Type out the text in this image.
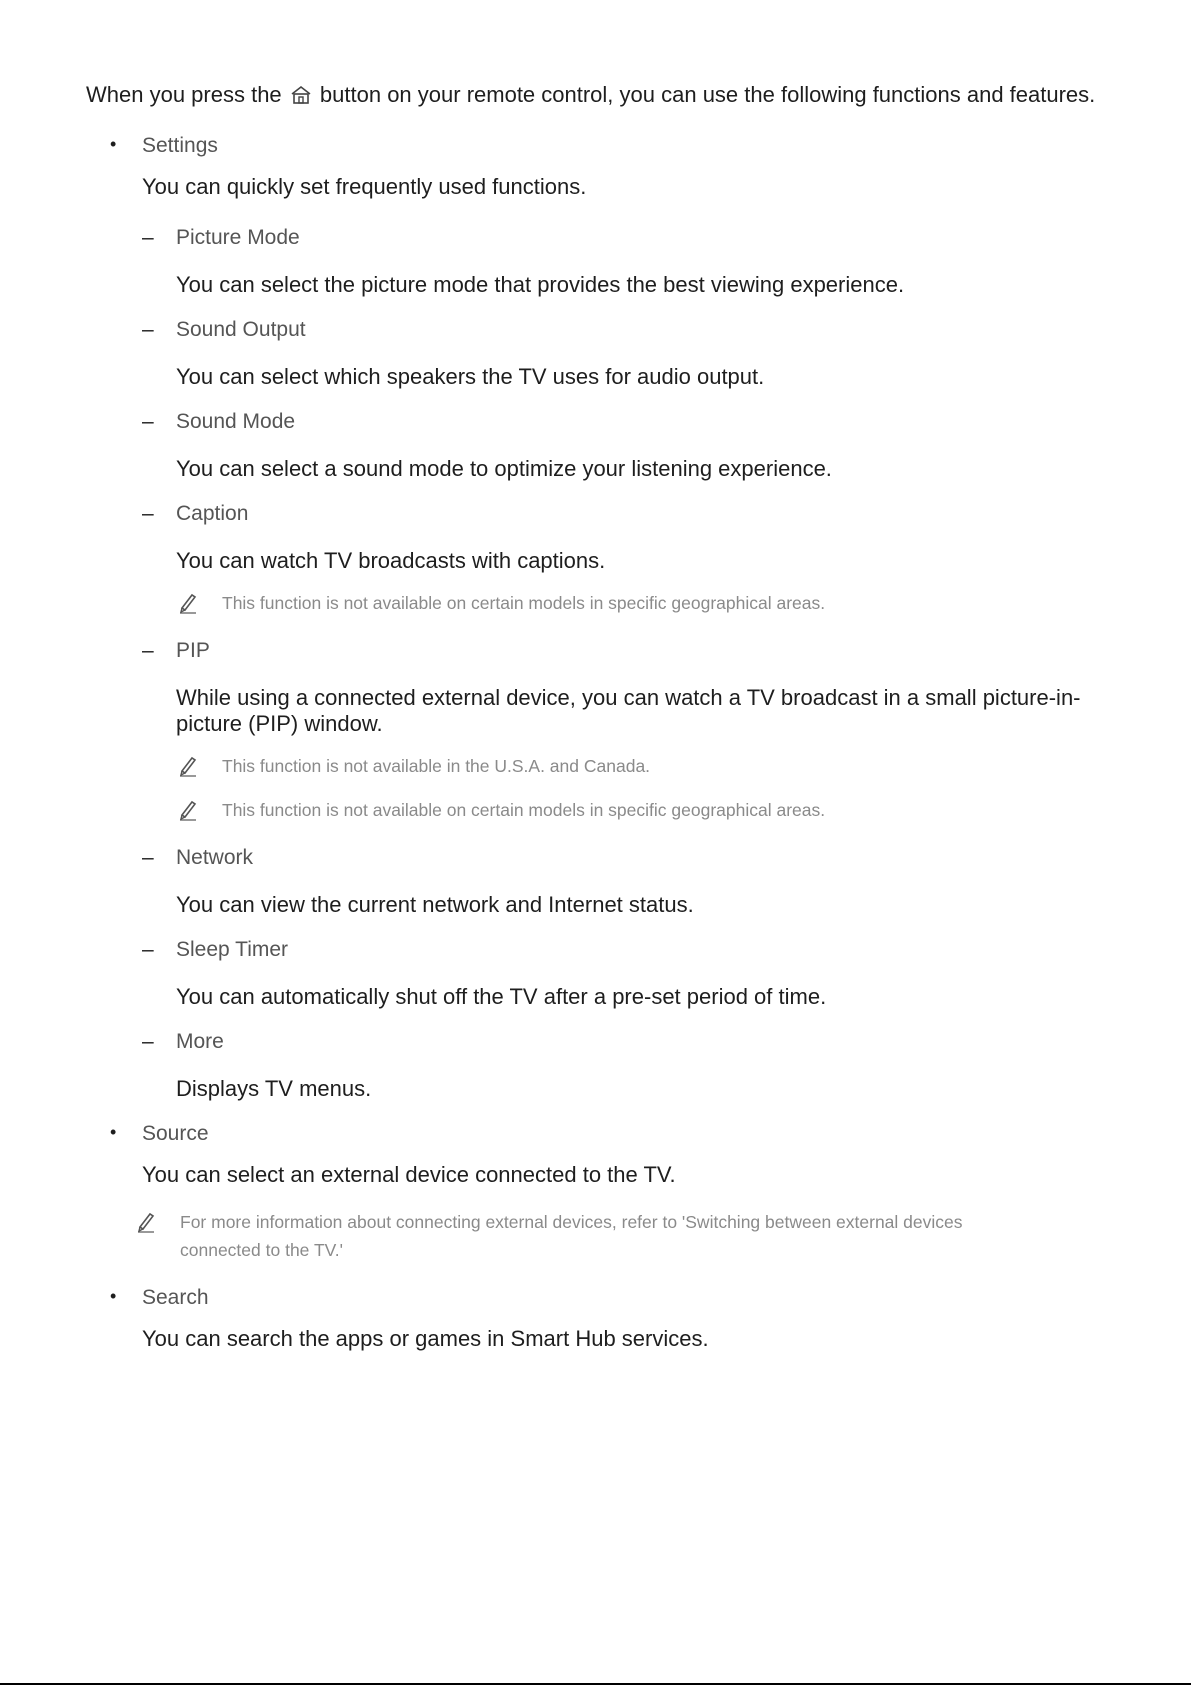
When you press the button on your remote control, you can use the following functions and features.
• Settings
You can quickly set frequently used functions.
– Picture Mode
You can select the picture mode that provides the best viewing experience.
– Sound Output
You can select which speakers the TV uses for audio output.
– Sound Mode
You can select a sound mode to optimize your listening experience.
– Caption
You can watch TV broadcasts with captions.
This function is not available on certain models in specific geographical areas.
– PIP
While using a connected external device, you can watch a TV broadcast in a small picture-in-
picture (PIP) window.
This function is not available in the U.S.A. and Canada.
This function is not available on certain models in specific geographical areas.
– Network
You can view the current network and Internet status.
– Sleep Timer
You can automatically shut off the TV after a pre-set period of time.
– More
Displays TV menus.
• Source
You can select an external device connected to the TV.
For more information about connecting external devices, refer to 'Switching between external devices
connected to the TV.'
• Search
You can search the apps or games in Smart Hub services.
